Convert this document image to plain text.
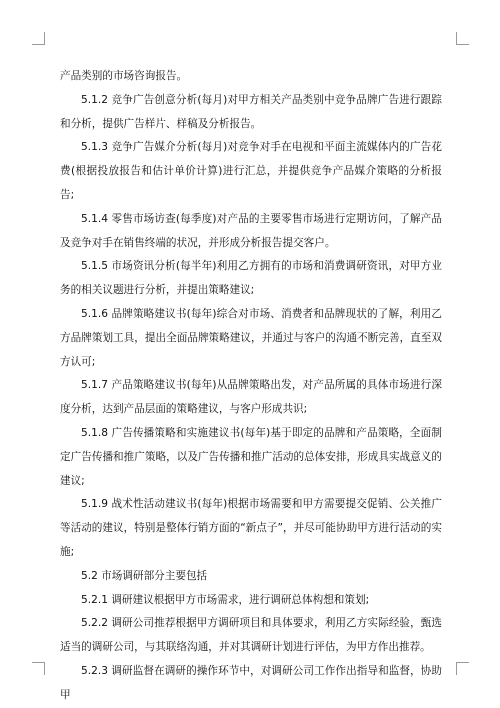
产品类别的市场咨询报告。

5.1.2 竞争广告创意分析(每月)对甲方相关产品类别中竞争品牌广告进行跟踪和分析，提供广告样片、样稿及分析报告。

5.1.3 竞争广告媒介分析(每月)对竞争对手在电视和平面主流媒体内的广告花费(根据投放报告和估计单价计算)进行汇总，并提供竞争产品媒介策略的分析报告;

5.1.4 零售市场访查(每季度)对产品的主要零售市场进行定期访问，了解产品及竞争对手在销售终端的状况，并形成分析报告提交客户。

5.1.5 市场资讯分析(每半年)利用乙方拥有的市场和消费调研资讯，对甲方业务的相关议题进行分析，并提出策略建议;

5.1.6 品牌策略建议书(每年)综合对市场、消费者和品牌现状的了解，利用乙方品牌策划工具，提出全面品牌策略建议，并通过与客户的沟通不断完善，直至双方认可;

5.1.7 产品策略建议书(每年)从品牌策略出发，对产品所属的具体市场进行深度分析，达到产品层面的策略建议，与客户形成共识;

5.1.8 广告传播策略和实施建议书(每年)基于即定的品牌和产品策略，全面制定广告传播和推广策略，以及广告传播和推广活动的总体安排，形成具实战意义的建议;

5.1.9 战术性活动建议书(每年)根据市场需要和甲方需要提交促销、公关推广等活动的建议，特别是整体行销方面的“新点子”，并尽可能协助甲方进行活动的实施;

5.2 市场调研部分主要包括

5.2.1 调研建议根据甲方市场需求，进行调研总体构想和策划;

5.2.2 调研公司推荐根据甲方调研项目和具体要求，利用乙方实际经验，甄选适当的调研公司，与其联络沟通，并对其调研计划进行评估，为甲方作出推荐。

5.2.3 调研监督在调研的操作环节中，对调研公司工作作出指导和监督，协助甲
